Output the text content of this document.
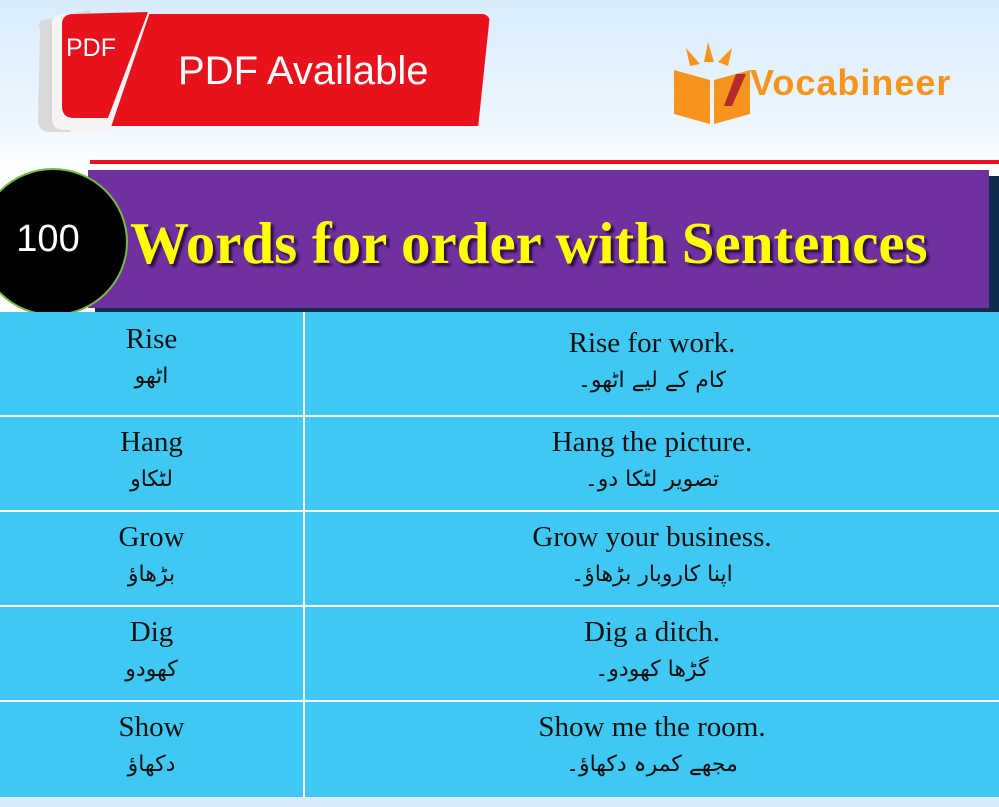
PDF
PDF Available	Vocabineer
Words for order with Sentences
100
Rise
اٹھو
Rise for work.
کام کے لیے اٹھو۔
Hang
لٹکاو
Hang the picture.
تصویر لٹکا دو۔
Grow
بڑھاؤ
Grow your business.
اپنا کاروبار بڑھاؤ۔
Dig
کھودو
Dig a ditch.
گڑھا کھودو۔
Show
دکھاؤ
Show me the room.
مجھے کمرہ دکھاؤ۔
